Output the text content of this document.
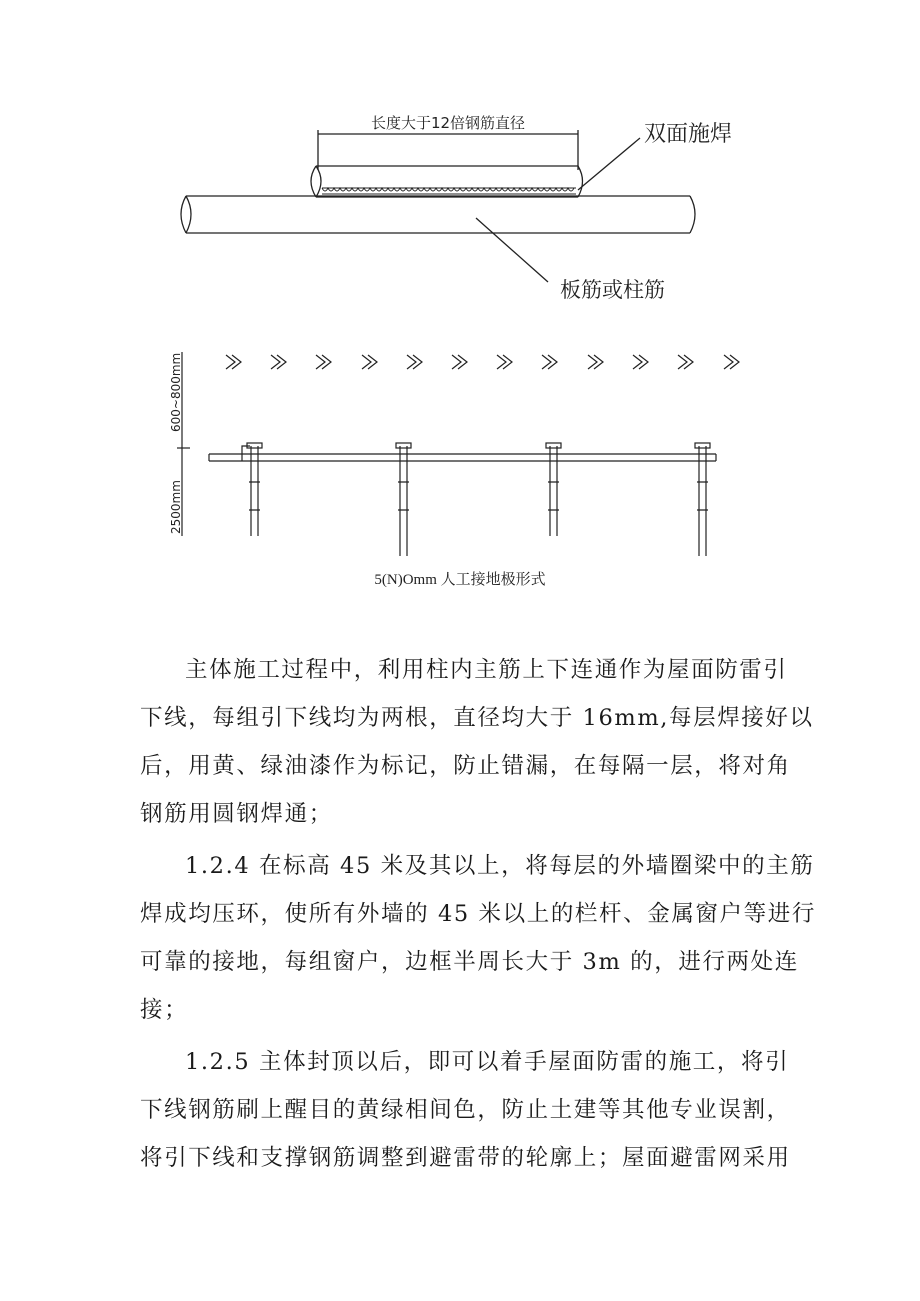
长度大于12倍钢筋直径	双面施焊
板筋或柱筋
600~800mm
2500mm
5(N)Omm 人工接地极形式
主体施工过程中，利用柱内主筋上下连通作为屋面防雷引
下线，每组引下线均为两根，直径均大于 16mm,每层焊接好以
后，用黄、绿油漆作为标记，防止错漏，在每隔一层，将对角
钢筋用圆钢焊通；
1.2.4 在标高 45 米及其以上，将每层的外墙圈梁中的主筋
焊成均压环，使所有外墙的 45 米以上的栏杆、金属窗户等进行
可靠的接地，每组窗户，边框半周长大于 3m 的，进行两处连
接；
1.2.5 主体封顶以后，即可以着手屋面防雷的施工，将引
下线钢筋刷上醒目的黄绿相间色，防止土建等其他专业误割，
将引下线和支撑钢筋调整到避雷带的轮廓上；屋面避雷网采用
